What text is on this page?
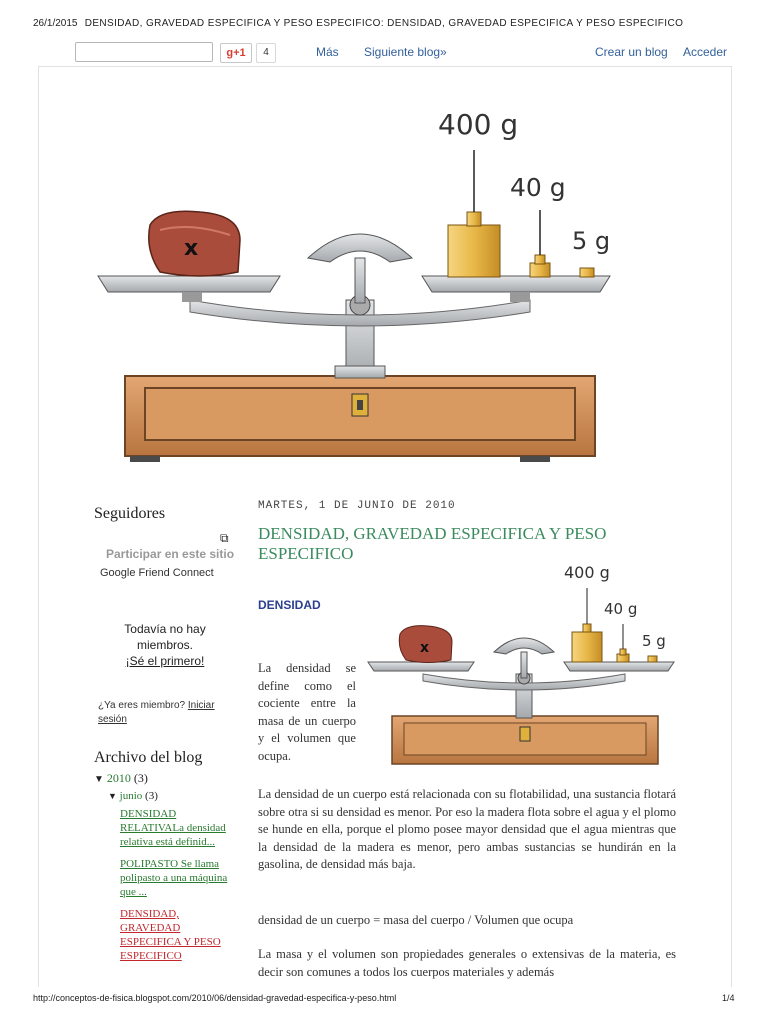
26/1/2015 DENSIDAD, GRAVEDAD ESPECIFICA Y PESO ESPECIFICO: DENSIDAD, GRAVEDAD ESPECIFICA Y PESO ESPECIFICO
g+1	4	Más Siguiente blog»	Crear un blog Acceder
x
400 g
40 g
5 g
Seguidores
⧉
Participar en este sitio
Google Friend Connect
Todavía no hay
miembros.
¡Sé el primero!
¿Ya eres miembro? Iniciar sesión
Archivo del blog
▼ 2010 (3)
▼ junio (3)
DENSIDAD RELATIVALa densidad relativa está definid...
POLIPASTO Se llama polipasto a una máquina que ...
DENSIDAD, GRAVEDAD ESPECIFICA Y PESO ESPECIFICO
MARTES, 1 DE JUNIO DE 2010
DENSIDAD, GRAVEDAD ESPECIFICA Y PESO ESPECIFICO
DENSIDAD
x
400 g
40 g
5 g
La densidad se define como el cociente entre la masa de un cuerpo y el volumen que ocupa.
La densidad de un cuerpo está relacionada con su flotabilidad, una sustancia flotará sobre otra si su densidad es menor. Por eso la madera flota sobre el agua y el plomo se hunde en ella, porque el plomo posee mayor densidad que el agua mientras que la densidad de la madera es menor, pero ambas sustancias se hundirán en la gasolina, de densidad más baja.
densidad de un cuerpo = masa del cuerpo / Volumen que ocupa
La masa y el volumen son propiedades generales o extensivas de la materia, es decir son comunes a todos los cuerpos materiales y además
http://conceptos-de-fisica.blogspot.com/2010/06/densidad-gravedad-especifica-y-peso.html	1/4
